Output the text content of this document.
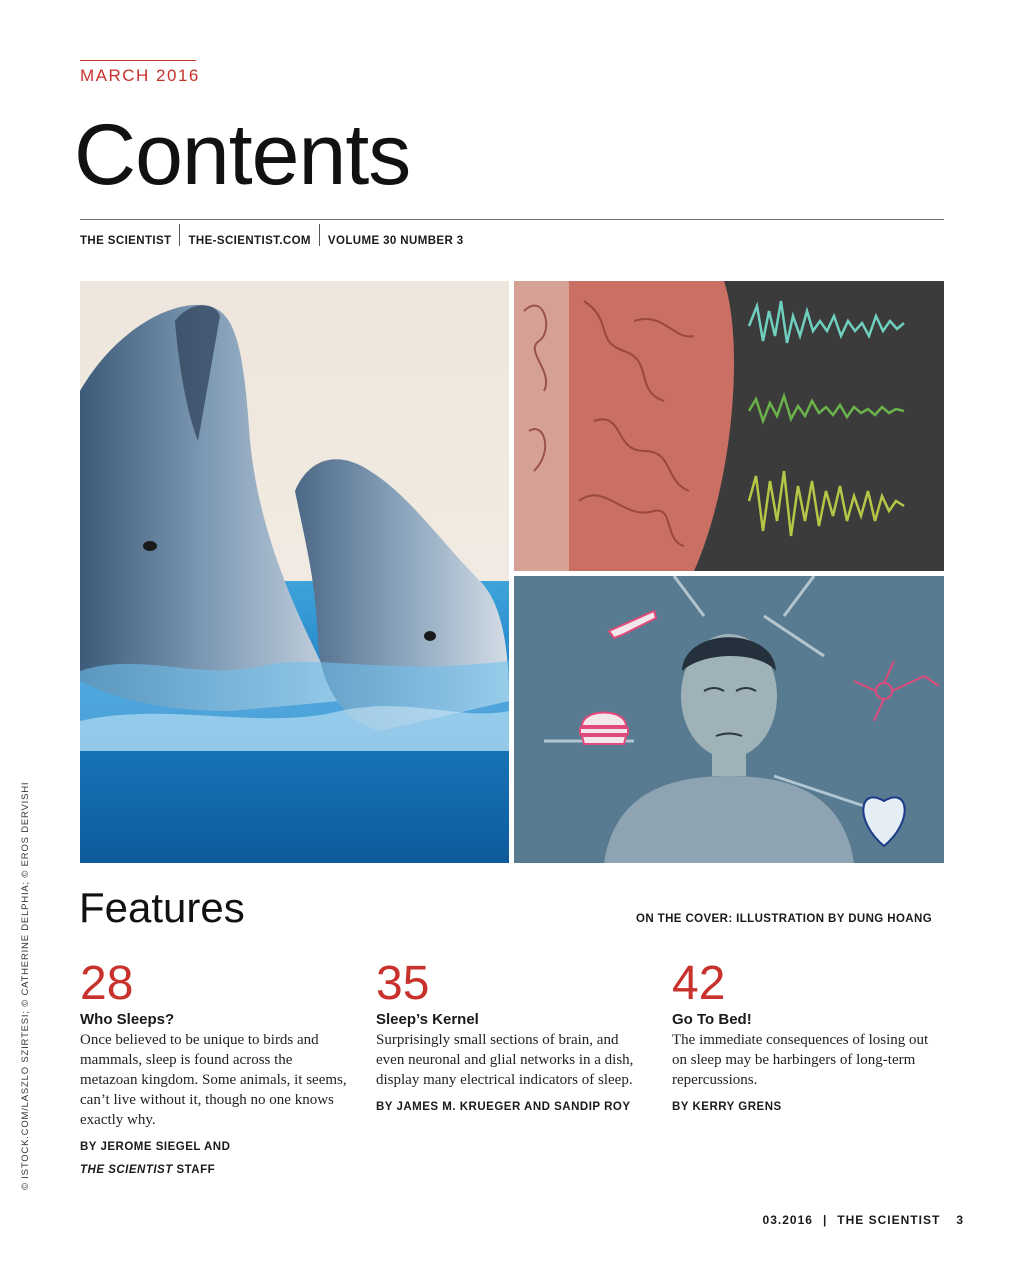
MARCH 2016
Contents
THE SCIENTIST THE-SCIENTIST.COM VOLUME 30 NUMBER 3
© ISTOCK.COM/LASZLO SZIRTESI; © CATHERINE DELPHIA; © EROS DERVISHI Features	ON THE COVER: ILLUSTRATION BY DUNG HOANG
28
Who Sleeps?
Once believed to be unique to birds and mammals, sleep is found across the metazoan kingdom. Some animals, it seems, can’t live without it, though no one knows exactly why.
BY JEROME SIEGEL AND
THE SCIENTIST STAFF
35
Sleep’s Kernel
Surprisingly small sections of brain, and even neuronal and glial networks in a dish, display many electrical indicators of sleep.
BY JAMES M. KRUEGER AND SANDIP ROY
42
Go To Bed!
The immediate consequences of losing out on sleep may be harbingers of long-term repercussions.
BY KERRY GRENS
03.2016 | THE SCIENTIST 3
